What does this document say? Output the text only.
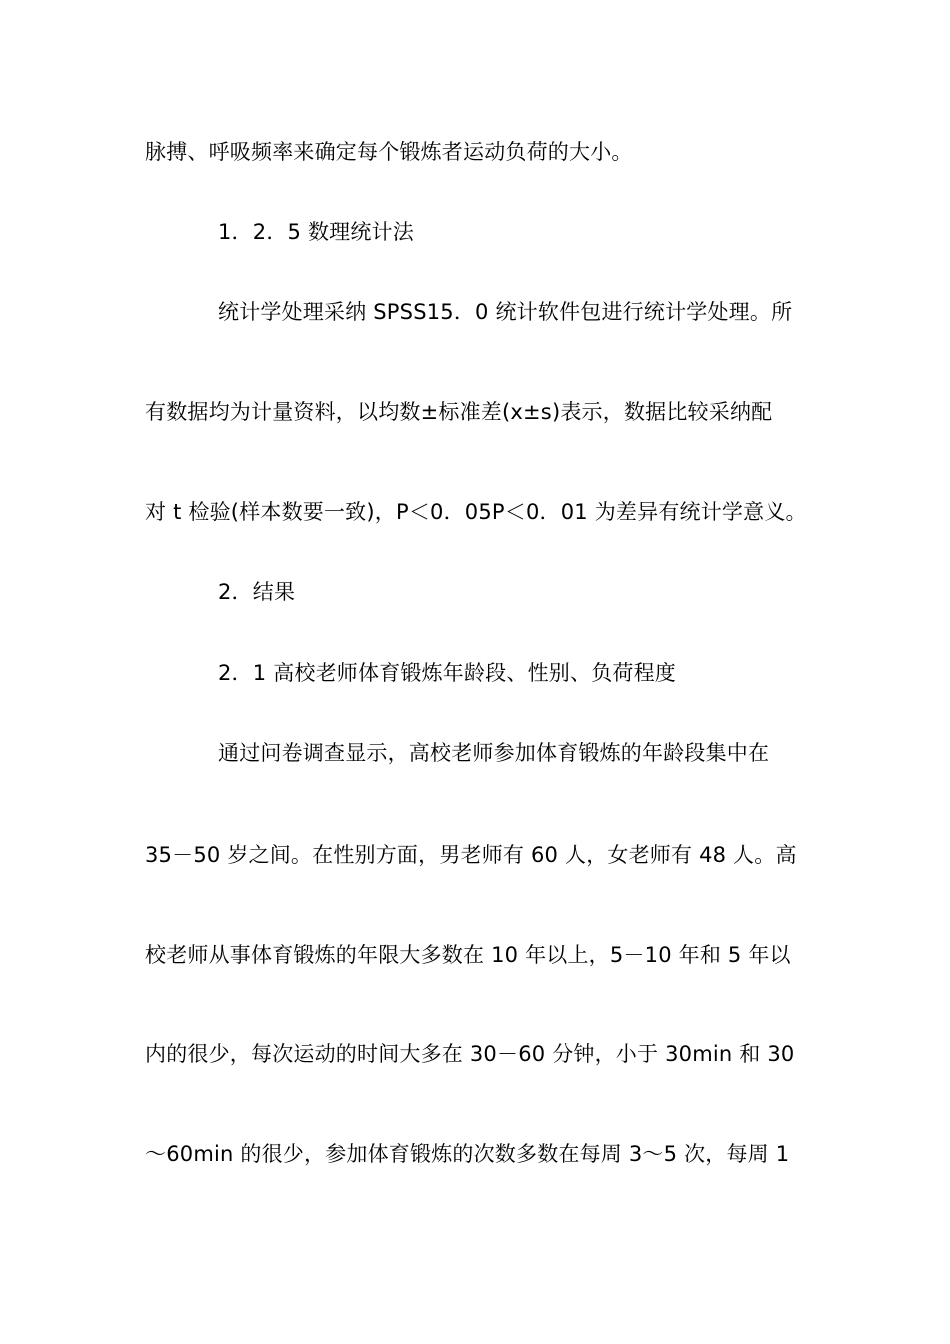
脉搏、呼吸频率来确定每个锻炼者运动负荷的大小。
1．2．5 数理统计法
统计学处理采纳 SPSS15．0 统计软件包进行统计学处理。所
有数据均为计量资料，以均数±标准差(x±s)表示，数据比较采纳配
对 t 检验(样本数要一致)，P＜0．05P＜0．01 为差异有统计学意义。
2．结果
2．1 高校老师体育锻炼年龄段、性别、负荷程度
通过问卷调查显示，高校老师参加体育锻炼的年龄段集中在
35－50 岁之间。在性别方面，男老师有 60 人，女老师有 48 人。高
校老师从事体育锻炼的年限大多数在 10 年以上，5－10 年和 5 年以
内的很少，每次运动的时间大多在 30－60 分钟，小于 30min 和 30
～60min 的很少，参加体育锻炼的次数多数在每周 3～5 次，每周 1
